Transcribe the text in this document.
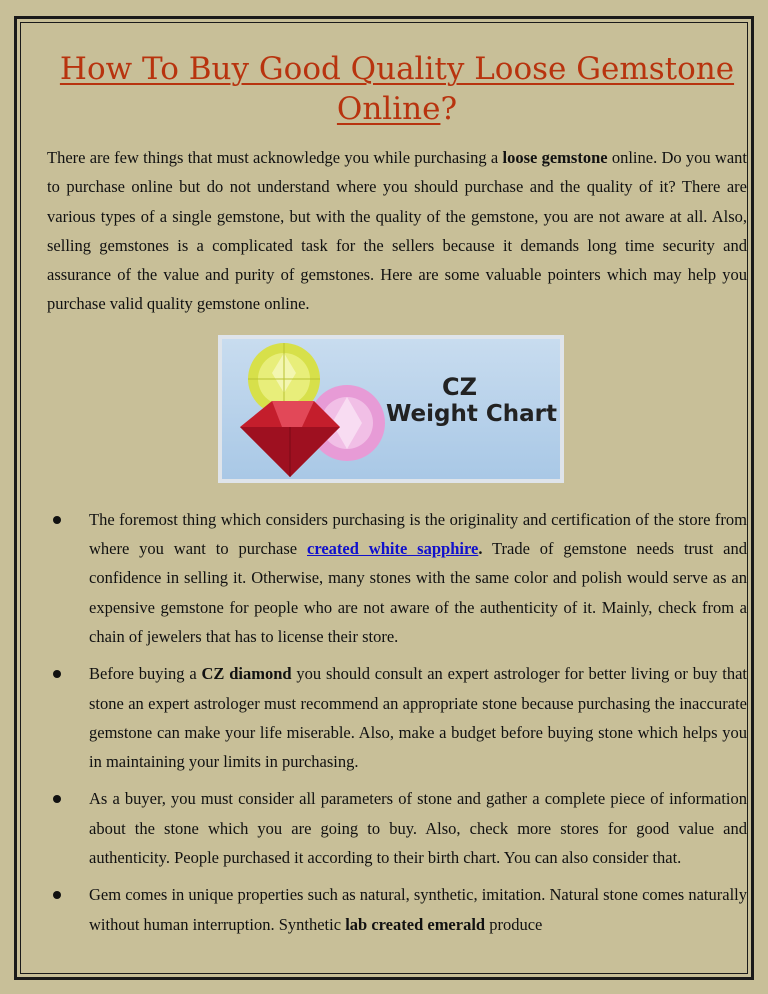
How To Buy Good Quality Loose Gemstone
Online?

There are few things that must acknowledge you while purchasing a loose gemstone online. Do you want to purchase online but do not understand where you should purchase and the quality of it? There are various types of a single gemstone, but with the quality of the gemstone, you are not aware at all. Also, selling gemstones is a complicated task for the sellers because it demands long time security and assurance of the value and purity of gemstones. Here are some valuable pointers which may help you purchase valid quality gemstone online.

CZ
Weight Chart
The foremost thing which considers purchasing is the originality and certification of the store from where you want to purchase created white sapphire. Trade of gemstone needs trust and confidence in selling it. Otherwise, many stones with the same color and polish would serve as an expensive gemstone for people who are not aware of the authenticity of it. Mainly, check from a chain of jewelers that has to license their store.
Before buying a CZ diamond you should consult an expert astrologer for better living or buy that stone an expert astrologer must recommend an appropriate stone because purchasing the inaccurate gemstone can make your life miserable. Also, make a budget before buying stone which helps you in maintaining your limits in purchasing.
As a buyer, you must consider all parameters of stone and gather a complete piece of information about the stone which you are going to buy. Also, check more stores for good value and authenticity. People purchased it according to their birth chart. You can also consider that.
Gem comes in unique properties such as natural, synthetic, imitation. Natural stone comes naturally without human interruption. Synthetic lab created emerald produce
